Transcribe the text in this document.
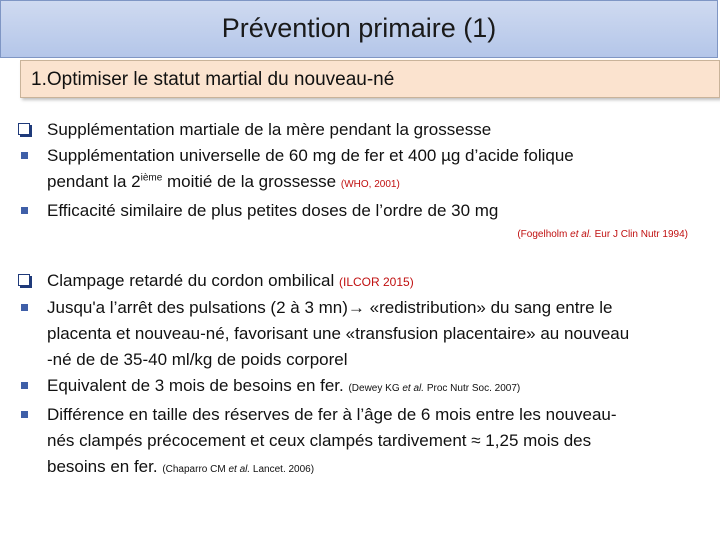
Prévention primaire (1)
1.Optimiser le statut martial du nouveau-né
Supplémentation martiale de la mère pendant la grossesse
Supplémentation universelle de 60 mg de fer et 400 µg d’acide folique
pendant la 2ième moitié de la grossesse (WHO, 2001)
Efficacité similaire de plus petites doses de l’ordre de 30 mg
(Fogelholm et al. Eur J Clin Nutr 1994)
Clampage retardé du cordon ombilical (ILCOR 2015)
Jusqu'a l’arrêt des pulsations (2 à 3 mn)→ «redistribution» du sang entre le
placenta et nouveau-né, favorisant une «transfusion placentaire» au nouveau
-né de de 35-40 ml/kg de poids corporel
Equivalent de 3 mois de besoins en fer. (Dewey KG et al. Proc Nutr Soc. 2007)
Différence en taille des réserves de fer à l’âge de 6 mois entre les nouveau-
nés clampés précocement et ceux clampés tardivement ≈ 1,25 mois des
besoins en fer. (Chaparro CM et al. Lancet. 2006)
